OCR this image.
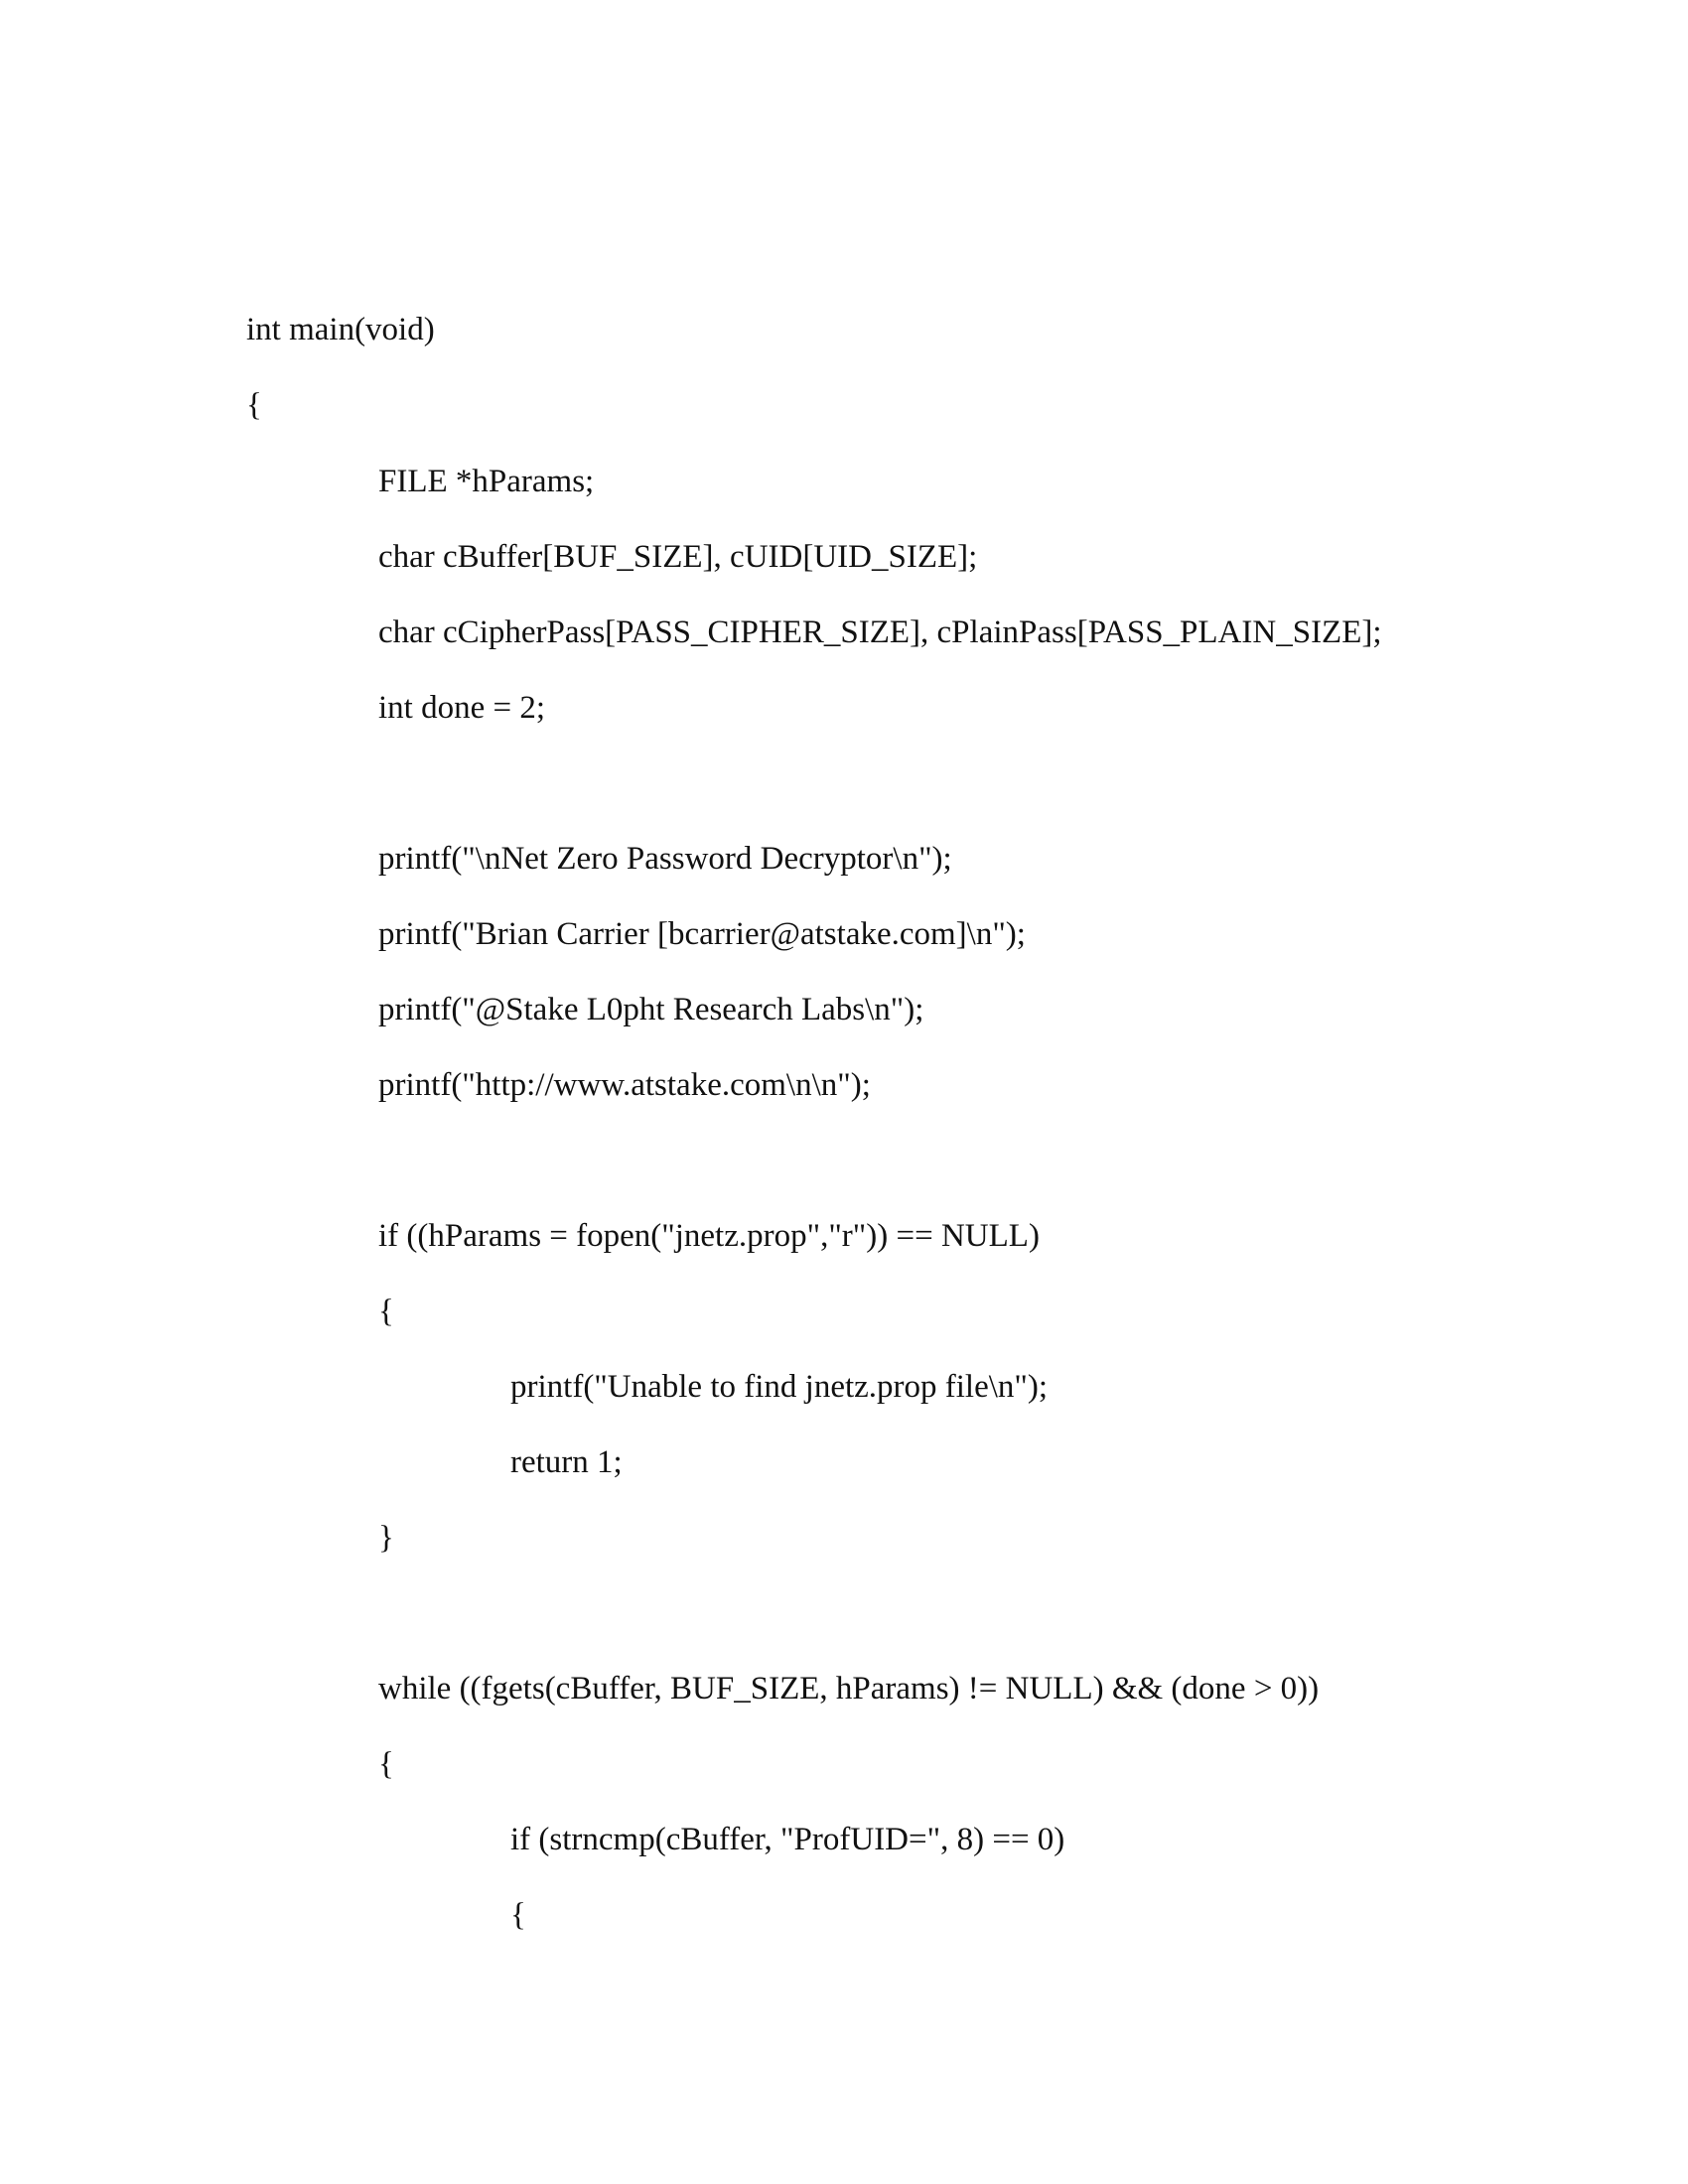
int main(void)
{
FILE *hParams;
char cBuffer[BUF_SIZE], cUID[UID_SIZE];
char cCipherPass[PASS_CIPHER_SIZE], cPlainPass[PASS_PLAIN_SIZE];
int done = 2;
printf("\nNet Zero Password Decryptor\n");
printf("Brian Carrier [bcarrier@atstake.com]\n");
printf("@Stake L0pht Research Labs\n");
printf("http://www.atstake.com\n\n");
if ((hParams = fopen("jnetz.prop","r")) == NULL)
{
printf("Unable to find jnetz.prop file\n");
return 1;
}
while ((fgets(cBuffer, BUF_SIZE, hParams) != NULL) && (done > 0))
{
if (strncmp(cBuffer, "ProfUID=", 8) == 0)
{
